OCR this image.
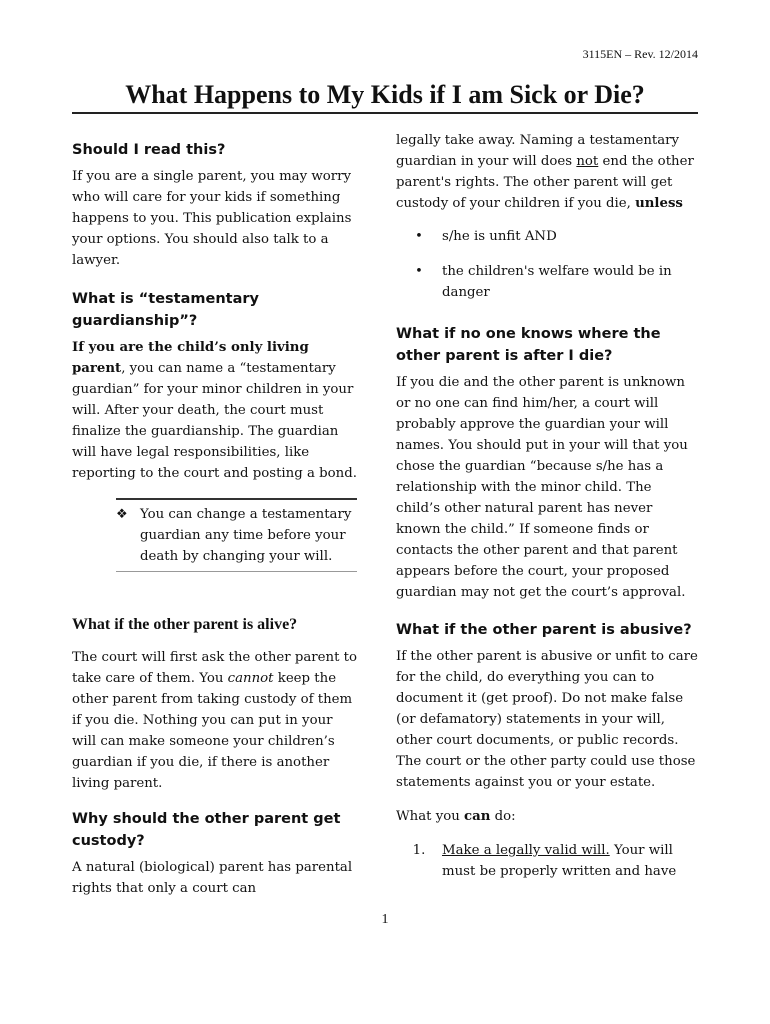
3115EN – Rev. 12/2014
What Happens to My Kids if I am Sick or Die?

Should I read this?

If you are a single parent, you may worry who will care for your kids if something happens to you. This publication explains your options. You should also talk to a lawyer.

What is “testamentary guardianship”?

If you are the child’s only living parent, you can name a “testamentary guardian” for your minor children in your will. After your death, the court must finalize the guardianship. The guardian will have legal responsibilities, like reporting to the court and posting a bond.

❖ You can change a testamentary guardian any time before your death by changing your will.

What if the other parent is alive?

The court will first ask the other parent to take care of them. You cannot keep the other parent from taking custody of them if you die. Nothing you can put in your will can make someone your children’s guardian if you die, if there is another living parent.

Why should the other parent get custody?

A natural (biological) parent has parental rights that only a court can

legally take away. Naming a testamentary guardian in your will does not end the other parent's rights. The other parent will get custody of your children if you die, unless

•	s/he is unfit AND
•	the children's welfare would be in danger

What if no one knows where the other parent is after I die?

If you die and the other parent is unknown or no one can find him/her, a court will probably approve the guardian your will names. You should put in your will that you chose the guardian “because s/he has a relationship with the minor child. The child’s other natural parent has never known the child.” If someone finds or contacts the other parent and that parent appears before the court, your proposed guardian may not get the court’s approval.

What if the other parent is abusive?

If the other parent is abusive or unfit to care for the child, do everything you can to document it (get proof). Do not make false (or defamatory) statements in your will, other court documents, or public records. The court or the other party could use those statements against you or your estate.

What you can do:

1.	Make a legally valid will. Your will must be properly written and have
1
